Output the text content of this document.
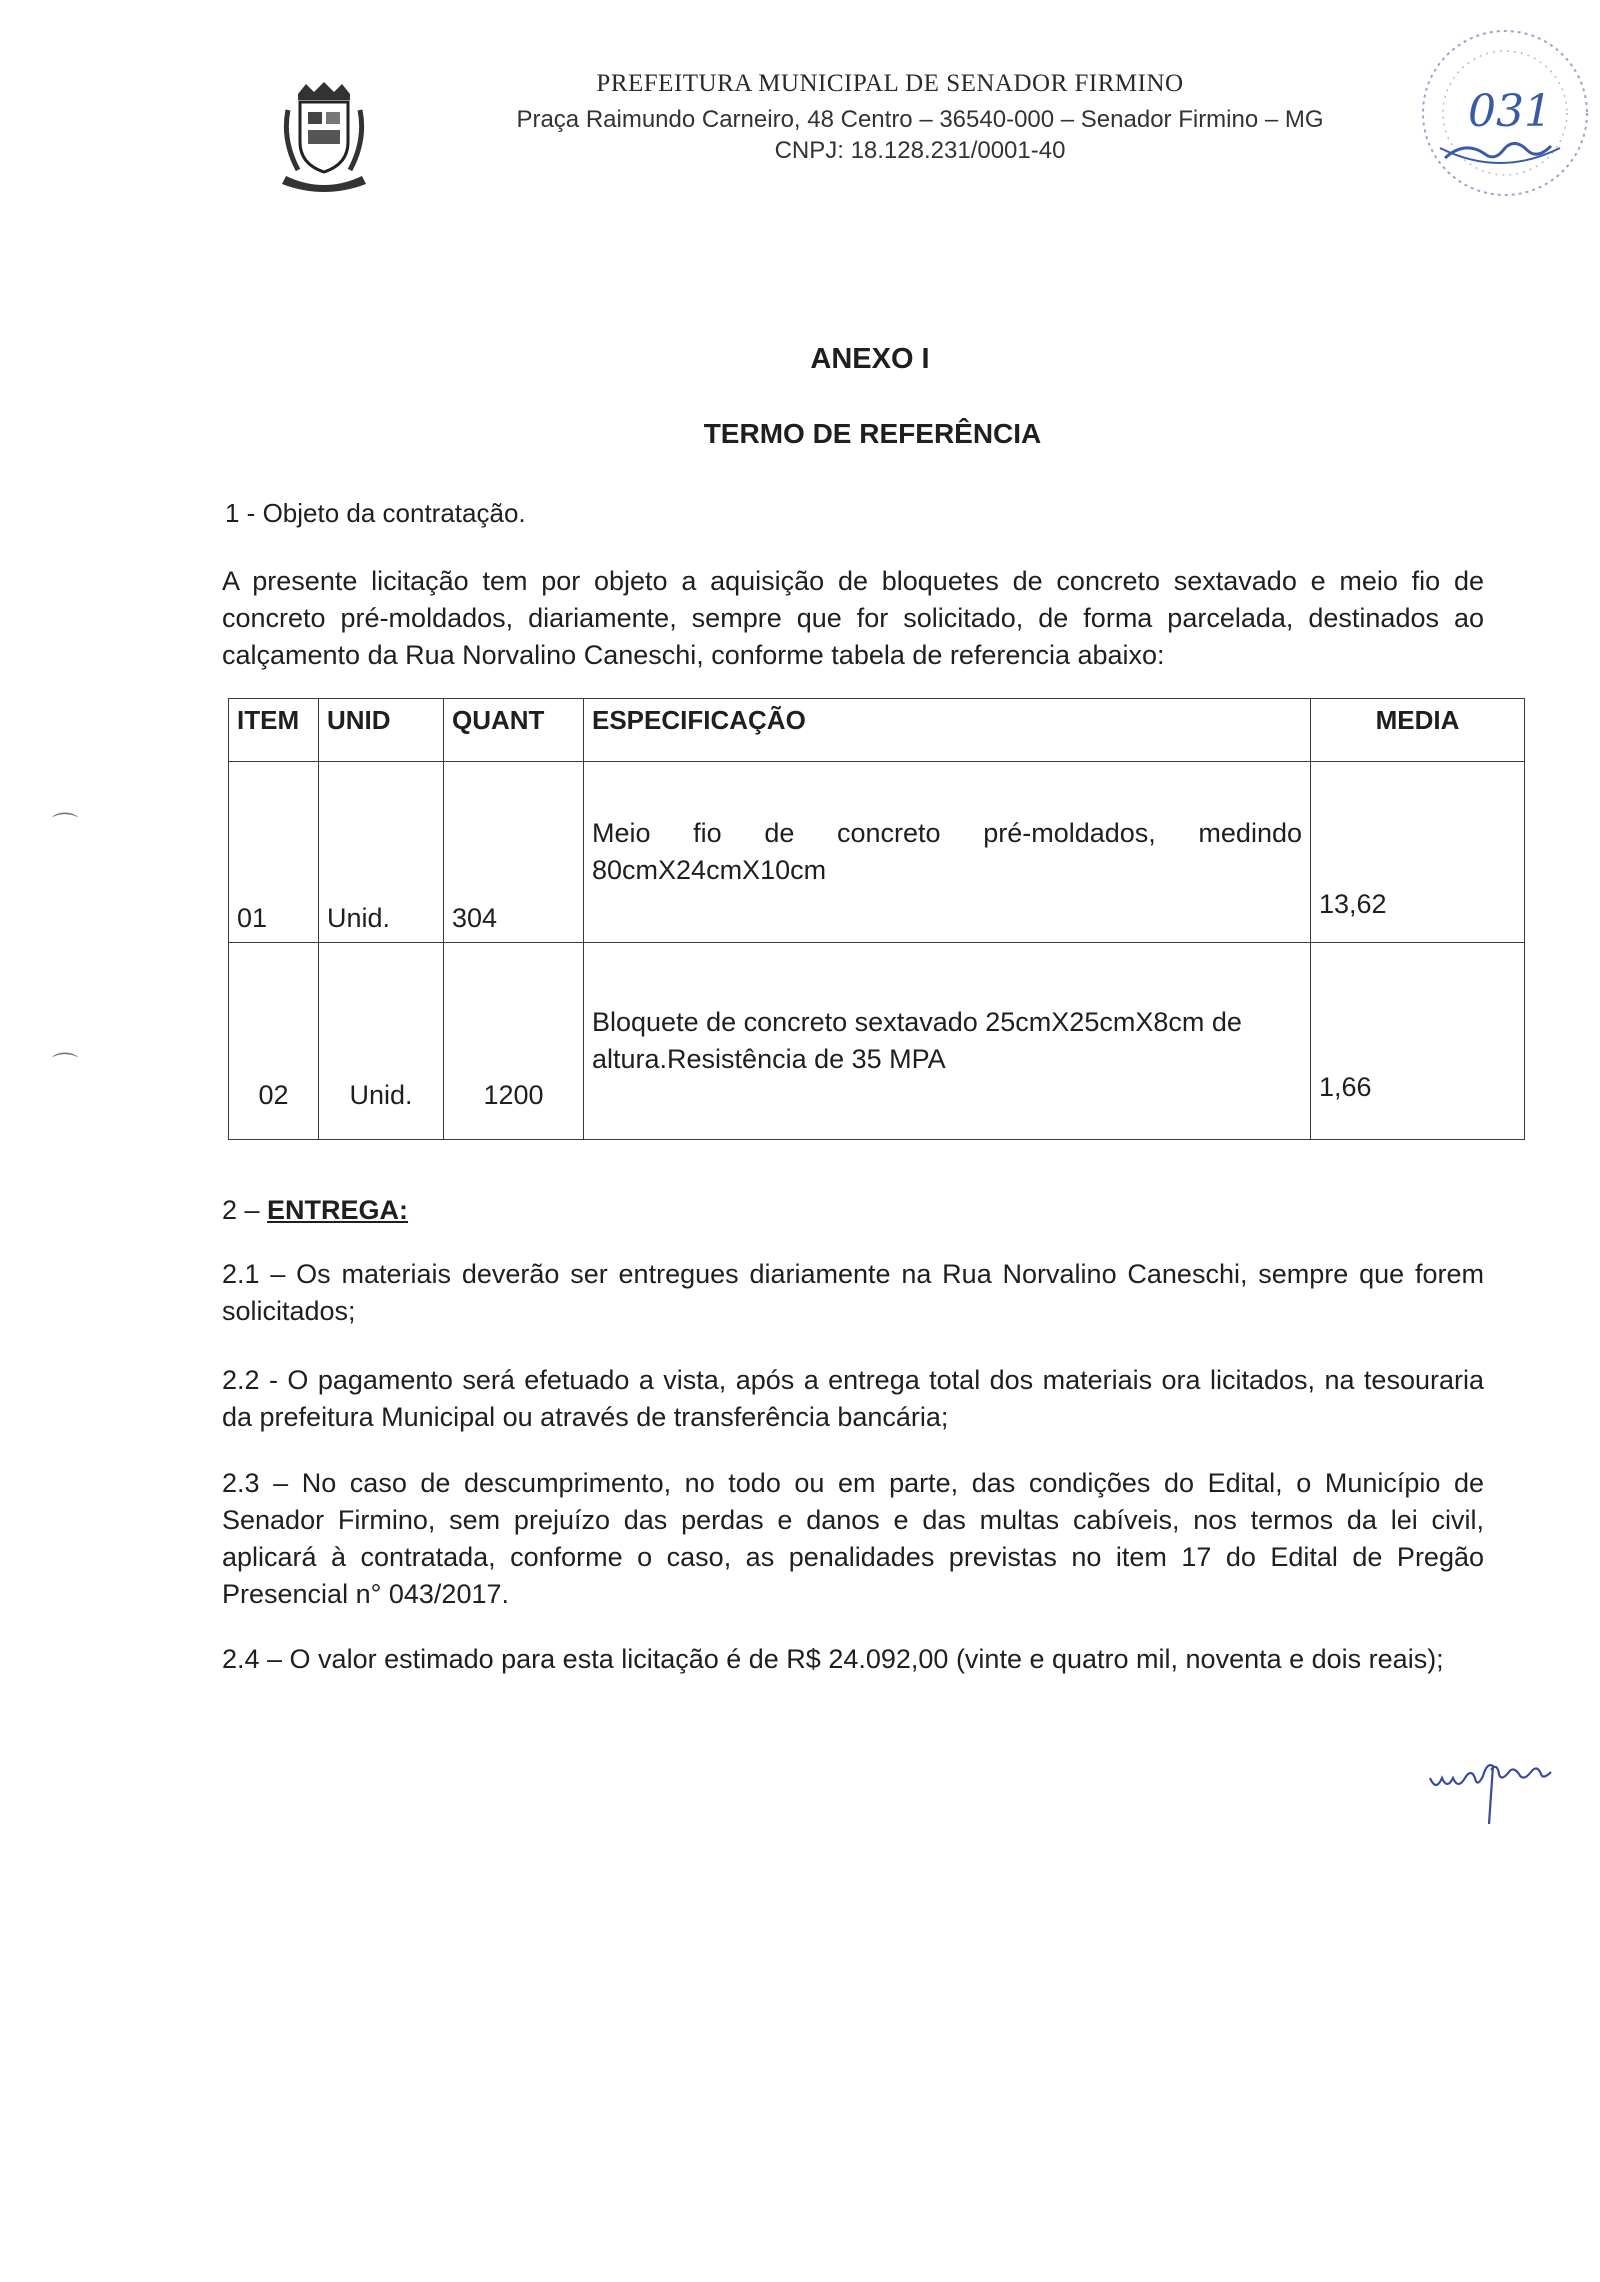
PREFEITURA MUNICIPAL DE SENADOR FIRMINO
Praça Raimundo Carneiro, 48 Centro – 36540-000 – Senador Firmino – MG
CNPJ: 18.128.231/0001-40
031
ANEXO I
TERMO DE REFERÊNCIA
1 - Objeto da contratação.
A presente licitação tem por objeto a aquisição de bloquetes de concreto sextavado e meio fio de concreto pré-moldados, diariamente, sempre que for solicitado, de forma parcelada, destinados ao calçamento da Rua Norvalino Caneschi, conforme tabela de referencia abaixo:
ITEM	UNID	QUANT	ESPECIFICAÇÃO	MEDIA

01	Unid.	304	Meio fio de concreto pré-moldados, medindo 80cmX24cmX10cm	13,62

02	Unid.	1200	Bloquete de concreto sextavado 25cmX25cmX8cm de altura.Resistência de 35 MPA	1,66
2 – ENTREGA:
2.1 – Os materiais deverão ser entregues diariamente na Rua Norvalino Caneschi, sempre que forem solicitados;
2.2 - O pagamento será efetuado a vista, após a entrega total dos materiais ora licitados, na tesouraria da prefeitura Municipal ou através de transferência bancária;
2.3 – No caso de descumprimento, no todo ou em parte, das condições do Edital, o Município de Senador Firmino, sem prejuízo das perdas e danos e das multas cabíveis, nos termos da lei civil, aplicará à contratada, conforme o caso, as penalidades previstas no item 17 do Edital de Pregão Presencial n° 043/2017.
2.4 – O valor estimado para esta licitação é de R$ 24.092,00 (vinte e quatro mil, noventa e dois reais);
⌒
⌒
